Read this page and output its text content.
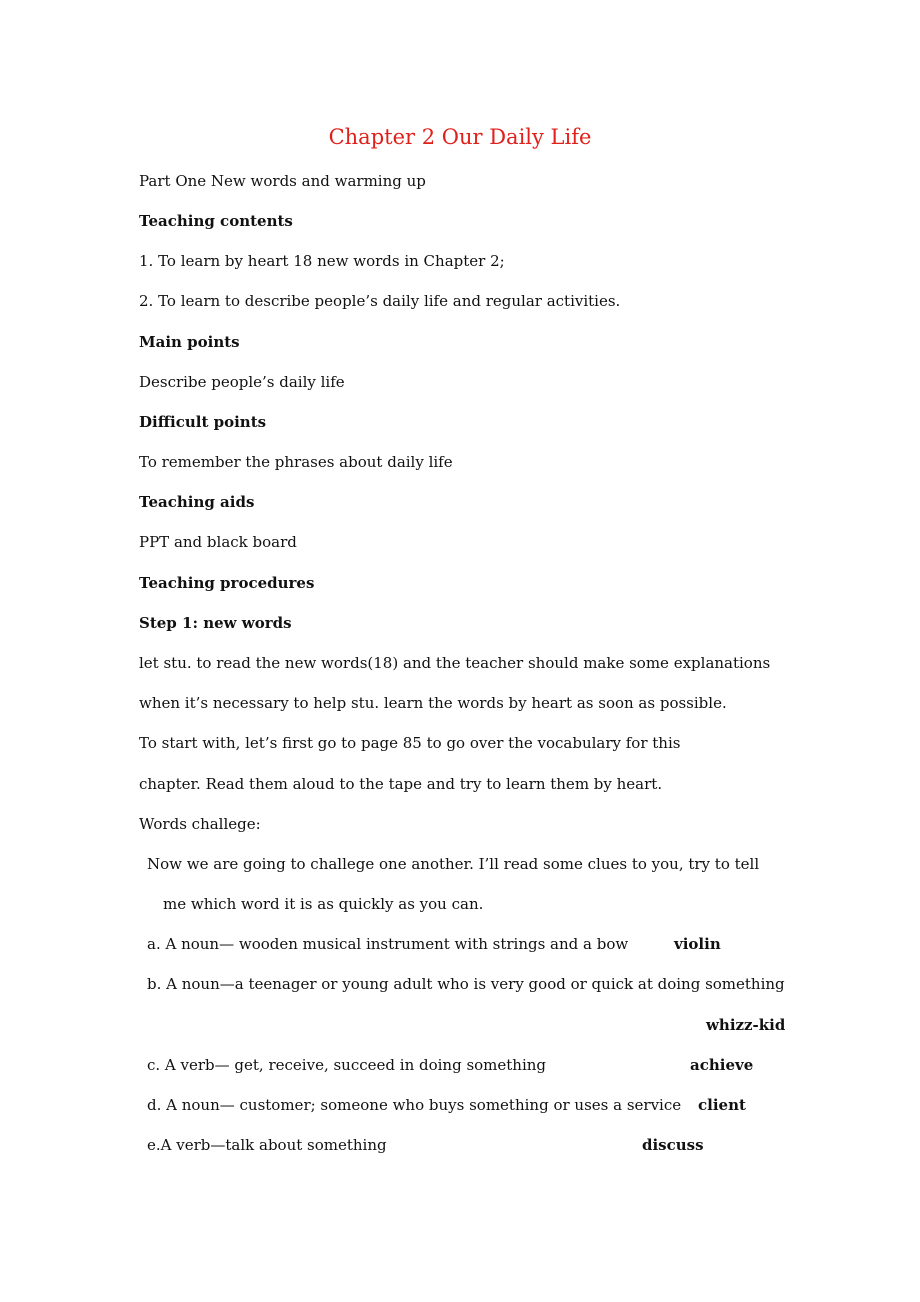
Chapter 2 Our Daily Life
Part One New words and warming up
Teaching contents
1. To learn by heart 18 new words in Chapter 2;
2. To learn to describe people’s daily life and regular activities.
Main points
Describe people’s daily life
Difficult points
To remember the phrases about daily life
Teaching aids
PPT and black board
Teaching procedures
Step 1: new words
let stu. to read the new words(18) and the teacher should make some explanations
when it’s necessary to help stu. learn the words by heart as soon as possible.
To start with, let’s first go to page 85 to go over the vocabulary for this
chapter. Read them aloud to the tape and try to learn them by heart.
Words challege:
Now we are going to challege one another. I’ll read some clues to you, try to tell
me which word it is as quickly as you can.
a. A noun— wooden musical instrument with strings and a bow	violin
b. A noun—a teenager or young adult who is very good or quick at doing something
whizz-kid
c. A verb— get, receive, succeed in doing something	achieve
d. A noun— customer; someone who buys something or uses a service client
e.A verb—talk about something	discuss
